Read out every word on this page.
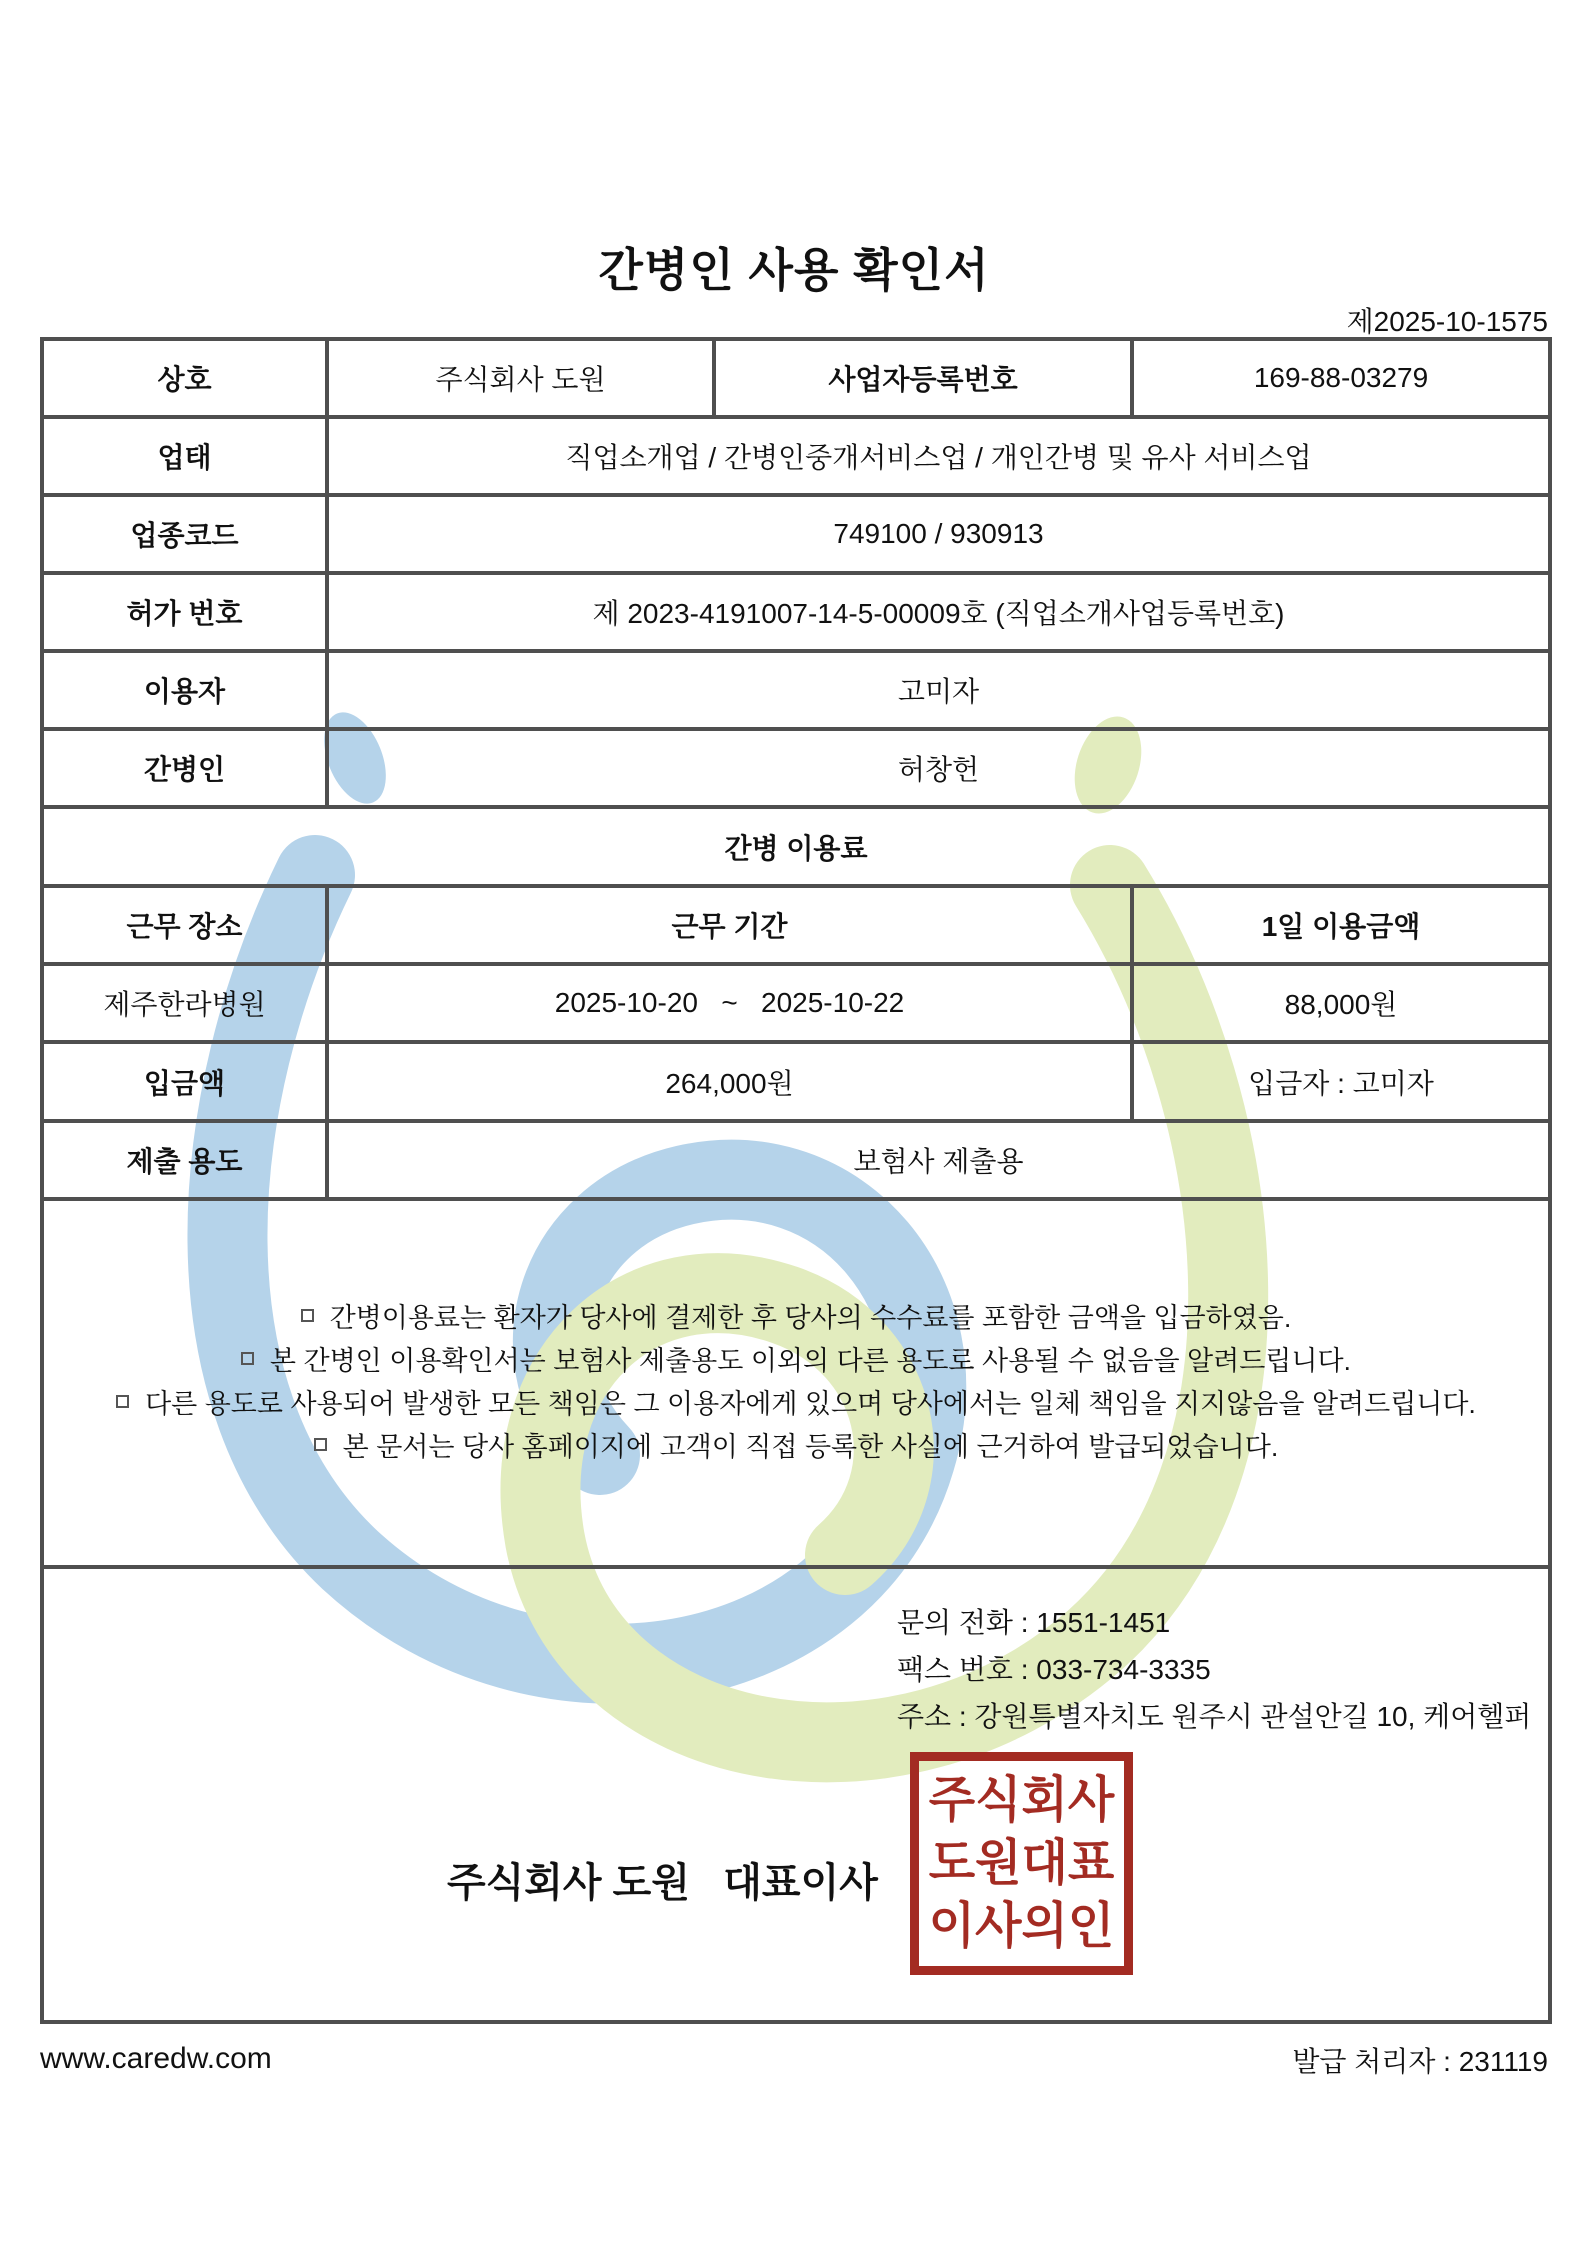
간병인 사용 확인서
제2025-10-1575
상호	주식회사 도원	사업자등록번호	169-88-03279
업태	직업소개업 / 간병인중개서비스업 / 개인간병 및 유사 서비스업		
업종코드	749100 / 930913		
허가 번호	제 2023-4191007-14-5-00009호 (직업소개사업등록번호)		
이용자	고미자		
간병인	허창헌		
간병 이용료			
근무 장소	근무 기간		1일 이용금액
제주한라병원	2025-10-20   ~   2025-10-22		88,000원
입금액	264,000원		입금자 : 고미자
제출 용도	보험사 제출용		

간병이용료는 환자가 당사에 결제한 후 당사의 수수료를 포함한 금액을 입금하였음.
본 간병인 이용확인서는 보험사 제출용도 이외의 다른 용도로 사용될 수 없음을 알려드립니다.
다른 용도로 사용되어 발생한 모든 책임은 그 이용자에게 있으며 당사에서는 일체 책임을 지지않음을 알려드립니다.
본 문서는 당사 홈페이지에 고객이 직접 등록한 사실에 근거하여 발급되었습니다.			

문의 전화 : 1551-1451
팩스 번호 : 033-734-3335
주소 : 강원특별자치도 원주시 관설안길 10, 케어헬퍼
주식회사 도원   대표이사
주식회사
도원대표
이사의인
www.caredw.com	발급 처리자 : 231119
